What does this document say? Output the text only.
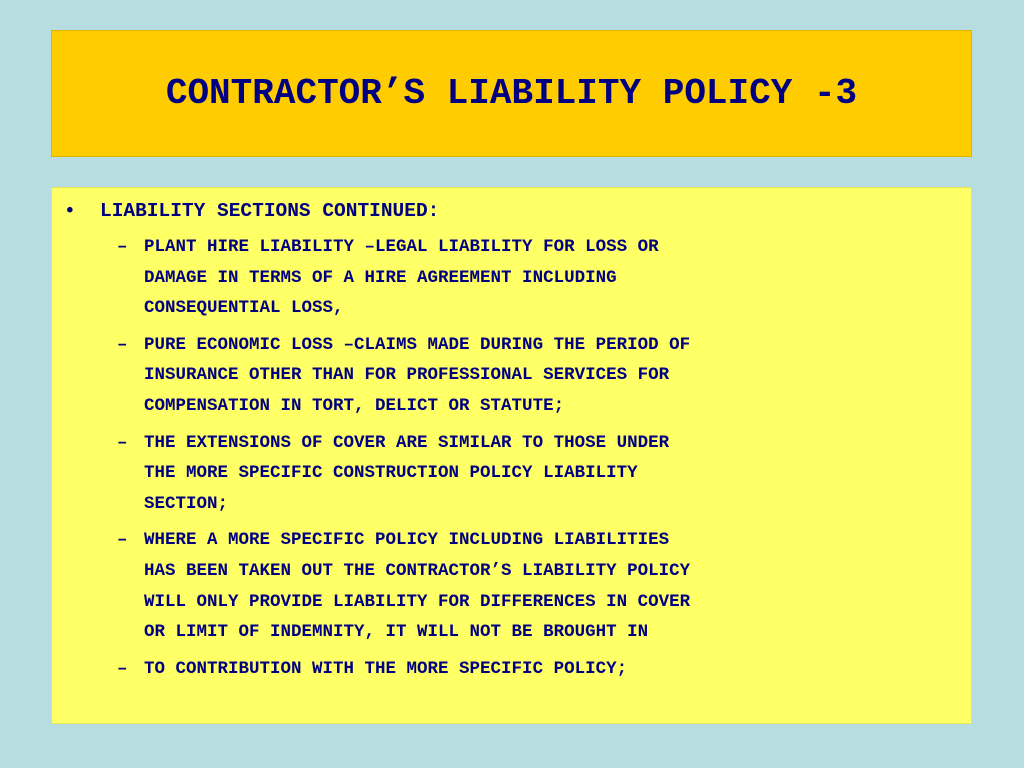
CONTRACTOR’S LIABILITY POLICY -3
•	LIABILITY SECTIONS CONTINUED:
– PLANT HIRE LIABILITY –LEGAL LIABILITY FOR LOSS OR
DAMAGE IN TERMS OF A HIRE AGREEMENT INCLUDING
CONSEQUENTIAL LOSS,
– PURE ECONOMIC LOSS –CLAIMS MADE DURING THE PERIOD OF
INSURANCE OTHER THAN FOR PROFESSIONAL SERVICES FOR
COMPENSATION IN TORT, DELICT OR STATUTE;
– THE EXTENSIONS OF COVER ARE SIMILAR TO THOSE UNDER
THE MORE SPECIFIC CONSTRUCTION POLICY LIABILITY
SECTION;
– WHERE A MORE SPECIFIC POLICY INCLUDING LIABILITIES
HAS BEEN TAKEN OUT THE CONTRACTOR’S LIABILITY POLICY
WILL ONLY PROVIDE LIABILITY FOR DIFFERENCES IN COVER
OR LIMIT OF INDEMNITY, IT WILL NOT BE BROUGHT IN
– TO CONTRIBUTION WITH THE MORE SPECIFIC POLICY;
